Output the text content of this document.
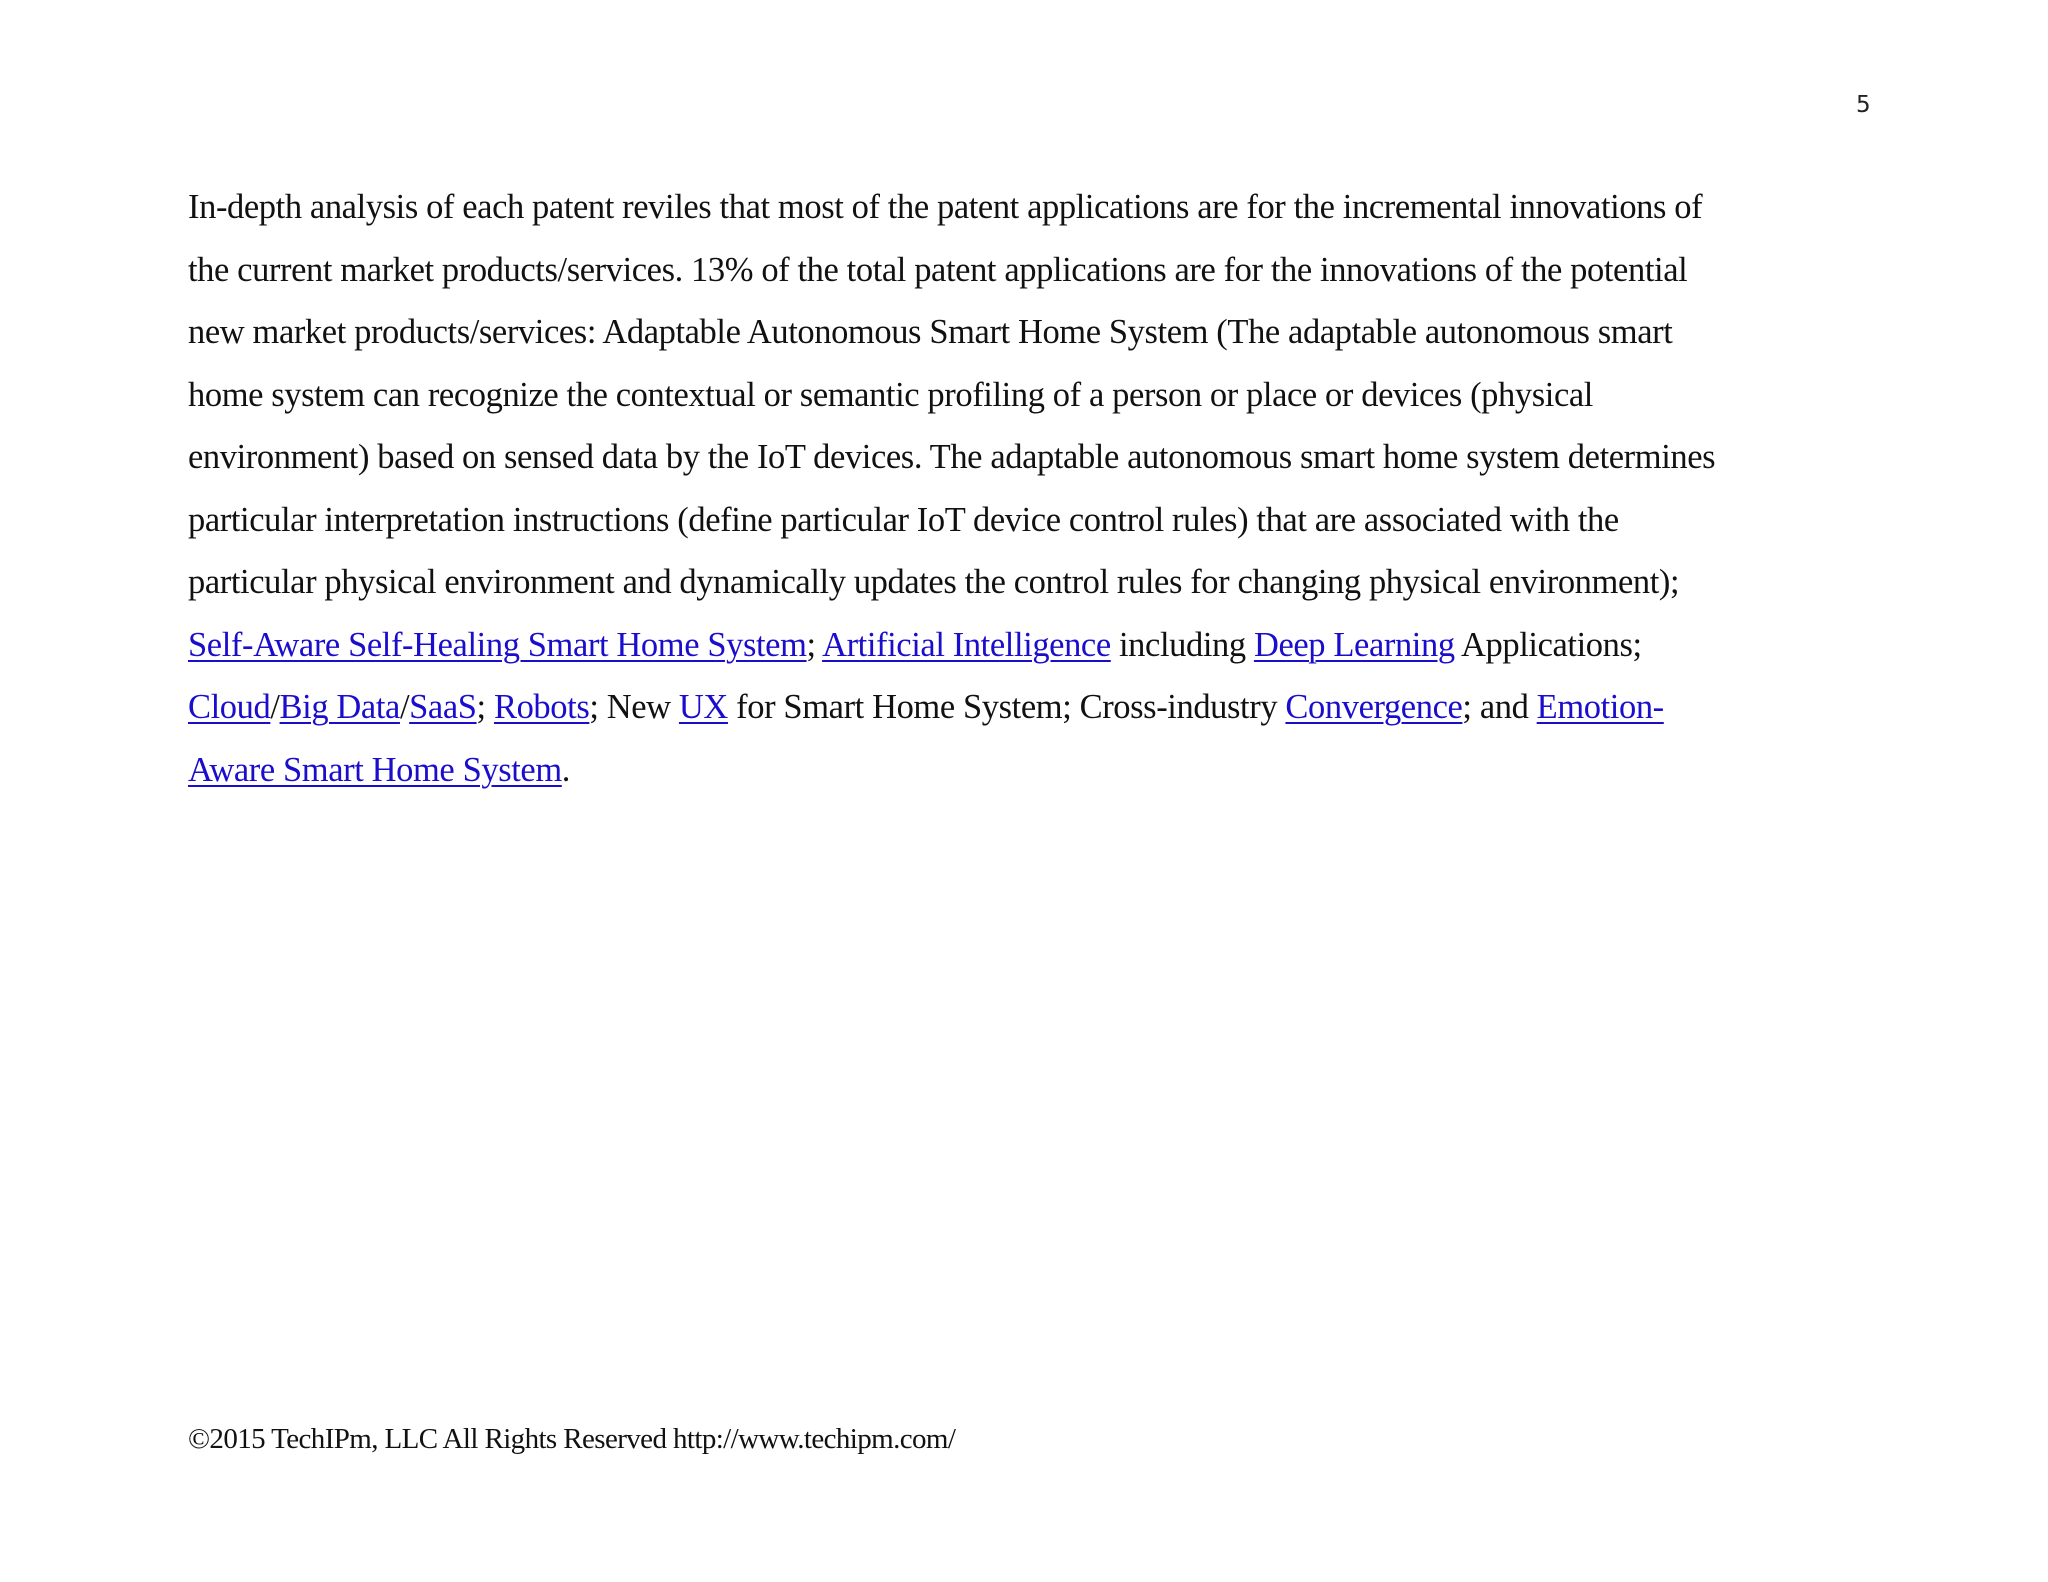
5

In-depth analysis of each patent reviles that most of the patent applications are for the incremental innovations of
the current market products/services. 13% of the total patent applications are for the innovations of the potential
new market products/services: Adaptable Autonomous Smart Home System (The adaptable autonomous smart
home system can recognize the contextual or semantic profiling of a person or place or devices (physical
environment) based on sensed data by the IoT devices. The adaptable autonomous smart home system determines
particular interpretation instructions (define particular IoT device control rules) that are associated with the
particular physical environment and dynamically updates the control rules for changing physical environment);
Self-Aware Self-Healing Smart Home System; Artificial Intelligence including Deep Learning Applications;
Cloud/Big Data/SaaS; Robots; New UX for Smart Home System; Cross-industry Convergence; and Emotion-
Aware Smart Home System.

©2015 TechIPm, LLC All Rights Reserved http://www.techipm.com/
